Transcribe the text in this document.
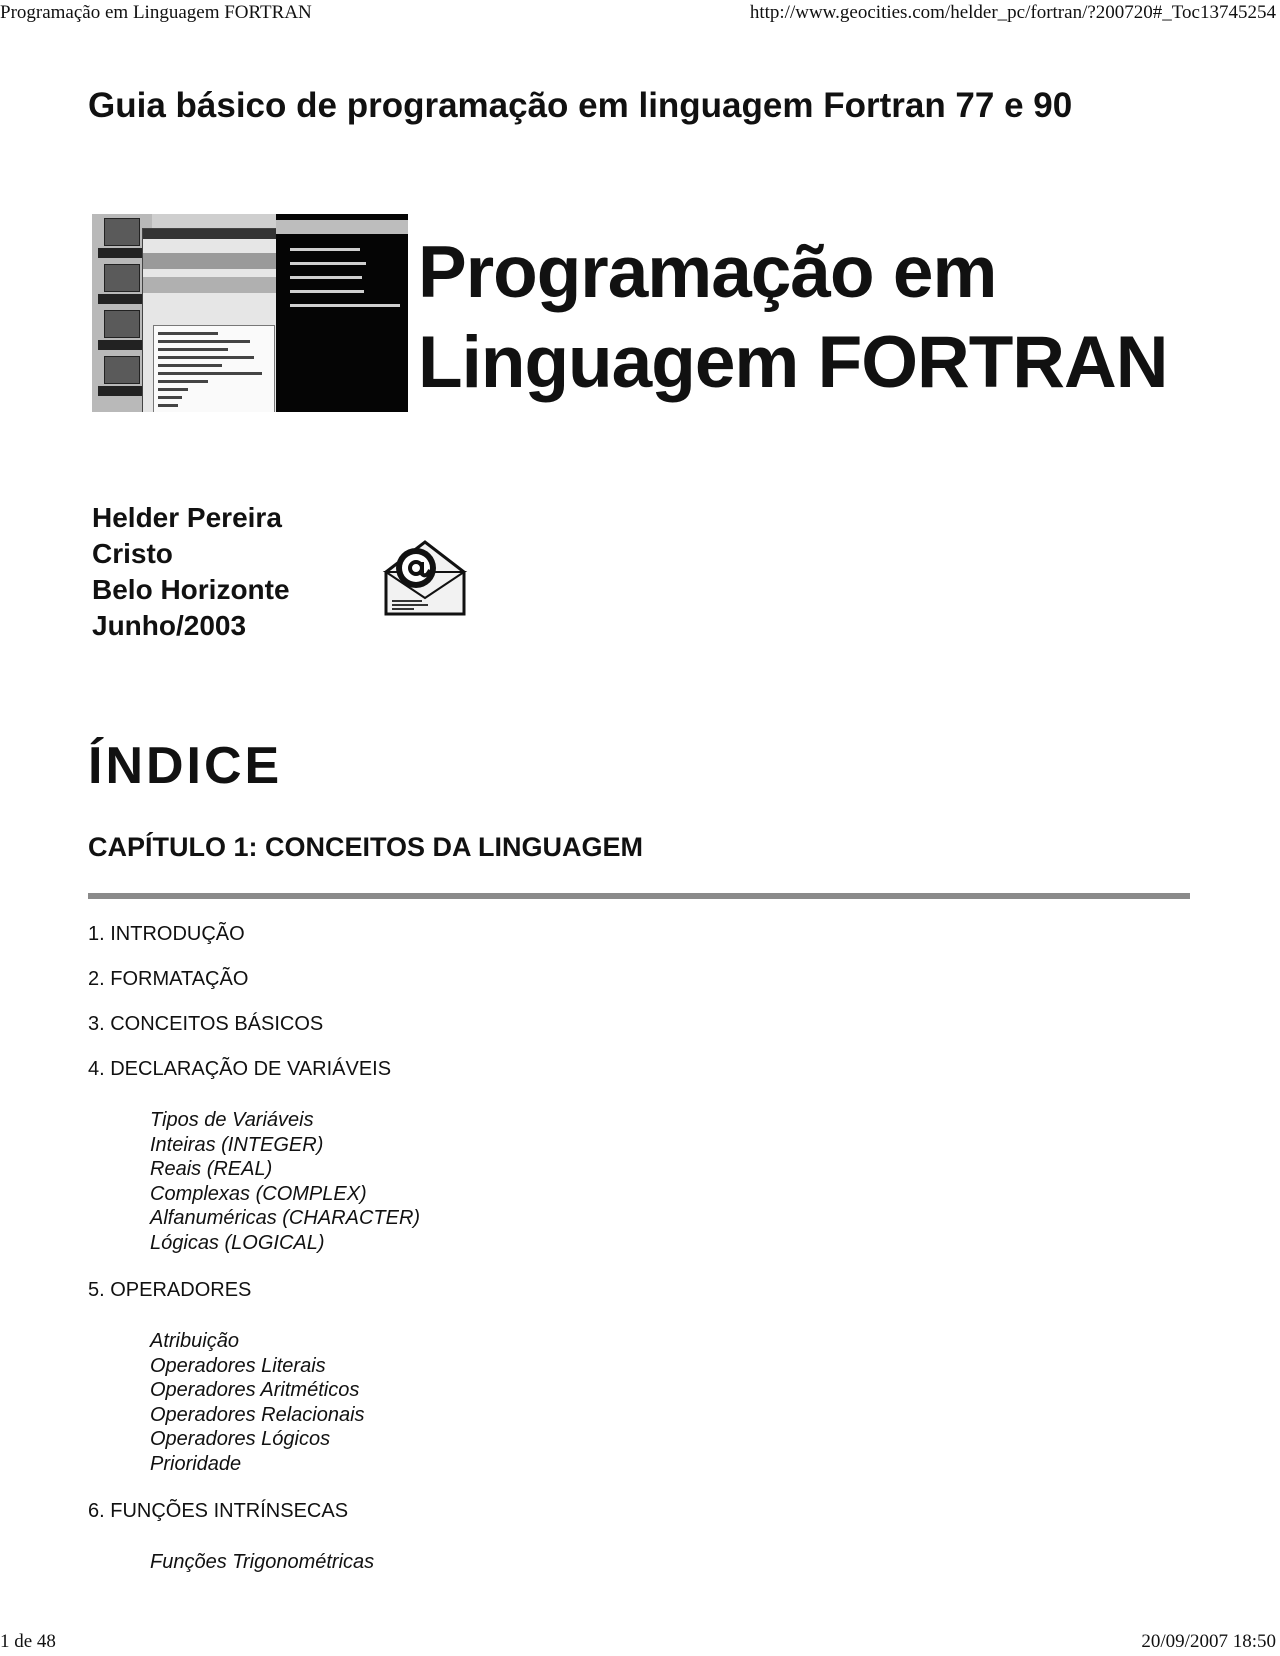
Programação em Linguagem FORTRAN	http://www.geocities.com/helder_pc/fortran/?200720#_Toc13745254
Guia básico de programação em linguagem Fortran 77 e 90
Programação em
Linguagem FORTRAN
Helder Pereira
Cristo
Belo Horizonte
Junho/2003
ÍNDICE
CAPÍTULO 1: CONCEITOS DA LINGUAGEM
1. INTRODUÇÃO
2. FORMATAÇÃO
3. CONCEITOS BÁSICOS
4. DECLARAÇÃO DE VARIÁVEIS
Tipos de Variáveis
Inteiras (INTEGER)
Reais (REAL)
Complexas (COMPLEX)
Alfanuméricas (CHARACTER)
Lógicas (LOGICAL)
5. OPERADORES
Atribuição
Operadores Literais
Operadores Aritméticos
Operadores Relacionais
Operadores Lógicos
Prioridade
6. FUNÇÕES INTRÍNSECAS
Funções Trigonométricas
1 de 48	20/09/2007 18:50
